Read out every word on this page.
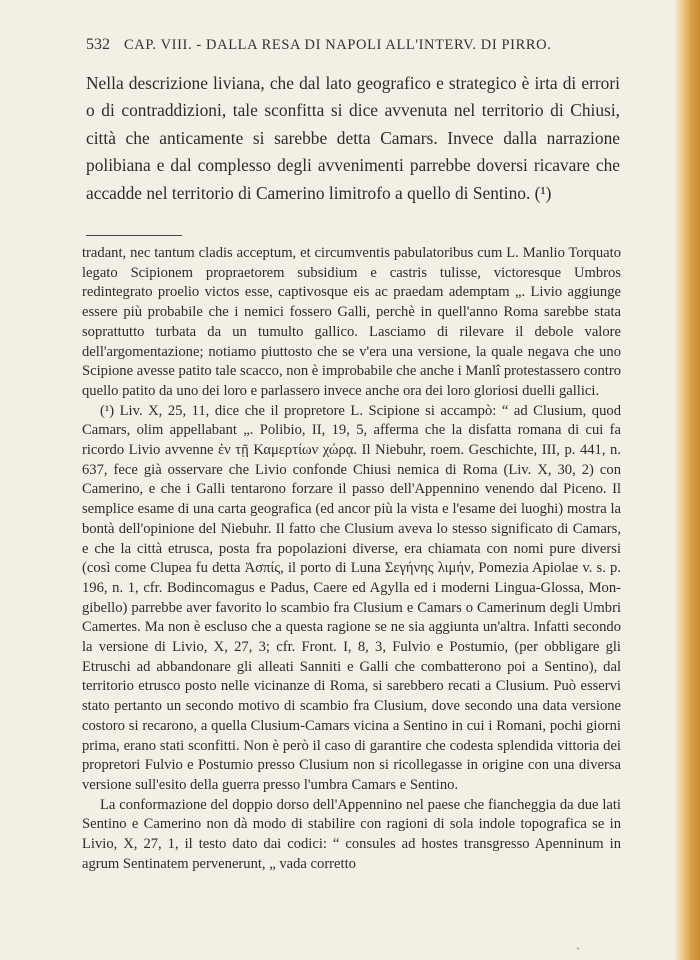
532 CAP. VIII. - DALLA RESA DI NAPOLI ALL'INTERV. DI PIRRO.

Nella descrizione liviana, che dal lato geografico e strategico è irta di errori o di contraddizioni, tale sconfitta si dice avvenuta nel territorio di Chiusi, città che anticamente si sarebbe detta Camars. Invece dalla narrazione polibiana e dal complesso degli avvenimenti parrebbe doversi ricavare che accadde nel territorio di Camerino limitrofo a quello di Sentino. (¹)

tradant, nec tantum cladis acceptum, et circumventis pabulatoribus cum L. Manlio Torquato legato Scipionem propraetorem subsidium e castris tulisse, victoresque Umbros redintegrato proelio victos esse, captivosque eis ac praedam ademptam „. Livio aggiunge essere più probabile che i nemici fossero Galli, perchè in quell'anno Roma sarebbe stata soprattutto turbata da un tumulto gallico. Lasciamo di rilevare il debole valore dell'argomentazione; notiamo piuttosto che se v'era una versione, la quale negava che uno Scipione avesse patito tale scacco, non è improbabile che anche i Manlî protestassero contro quello patito da uno dei loro e parlassero invece anche ora dei loro gloriosi duelli gallici.

(¹) Liv. X, 25, 11, dice che il propretore L. Scipione si accampò: “ ad Clusium, quod Camars, olim appellabant „. Polibio, II, 19, 5, afferma che la disfatta romana di cui fa ricordo Livio avvenne ἐν τῇ Καμερτίων χώρᾳ. Il Niebuhr, roem. Geschichte, III, p. 441, n. 637, fece già osservare che Livio confonde Chiusi nemica di Roma (Liv. X, 30, 2) con Camerino, e che i Galli tentarono forzare il passo dell'Appennino venendo dal Piceno. Il semplice esame di una carta geografica (ed ancor più la vista e l'esame dei luoghi) mostra la bontà dell'opinione del Niebuhr. Il fatto che Clusium aveva lo stesso significato di Camars, e che la città etrusca, posta fra popolazioni diverse, era chiamata con nomi pure diversi (così come Clupea fu detta Ἀσπίς, il porto di Luna Σεγήνης λιμήν, Pomezia Apiolae v. s. p. 196, n. 1, cfr. Bodincomagus e Padus, Caere ed Agylla ed i moderni Lingua-Glossa, Mon-gibello) parrebbe aver favorito lo scambio fra Clusium e Camars o Camerinum degli Umbri Camertes. Ma non è escluso che a questa ragione se ne sia aggiunta un'altra. Infatti secondo la versione di Livio, X, 27, 3; cfr. Front. I, 8, 3, Fulvio e Postumio, (per obbligare gli Etruschi ad abbandonare gli alleati Sanniti e Galli che combatterono poi a Sentino), dal territorio etrusco posto nelle vicinanze di Roma, si sarebbero recati a Clusium. Può esservi stato pertanto un secondo motivo di scambio fra Clusium, dove secondo una data versione costoro si recarono, a quella Clusium-Camars vicina a Sentino in cui i Romani, pochi giorni prima, erano stati sconfitti. Non è però il caso di garantire che codesta splendida vittoria dei propretori Fulvio e Postumio presso Clusium non si ricollegasse in origine con una diversa versione sull'esito della guerra presso l'umbra Camars e Sentino.

La conformazione del doppio dorso dell'Appennino nel paese che fiancheggia da due lati Sentino e Camerino non dà modo di stabilire con ragioni di sola indole topografica se in Livio, X, 27, 1, il testo dato dai codici: “ consules ad hostes transgresso Apenninum in agrum Sentinatem pervenerunt, „ vada corretto

ˎ
